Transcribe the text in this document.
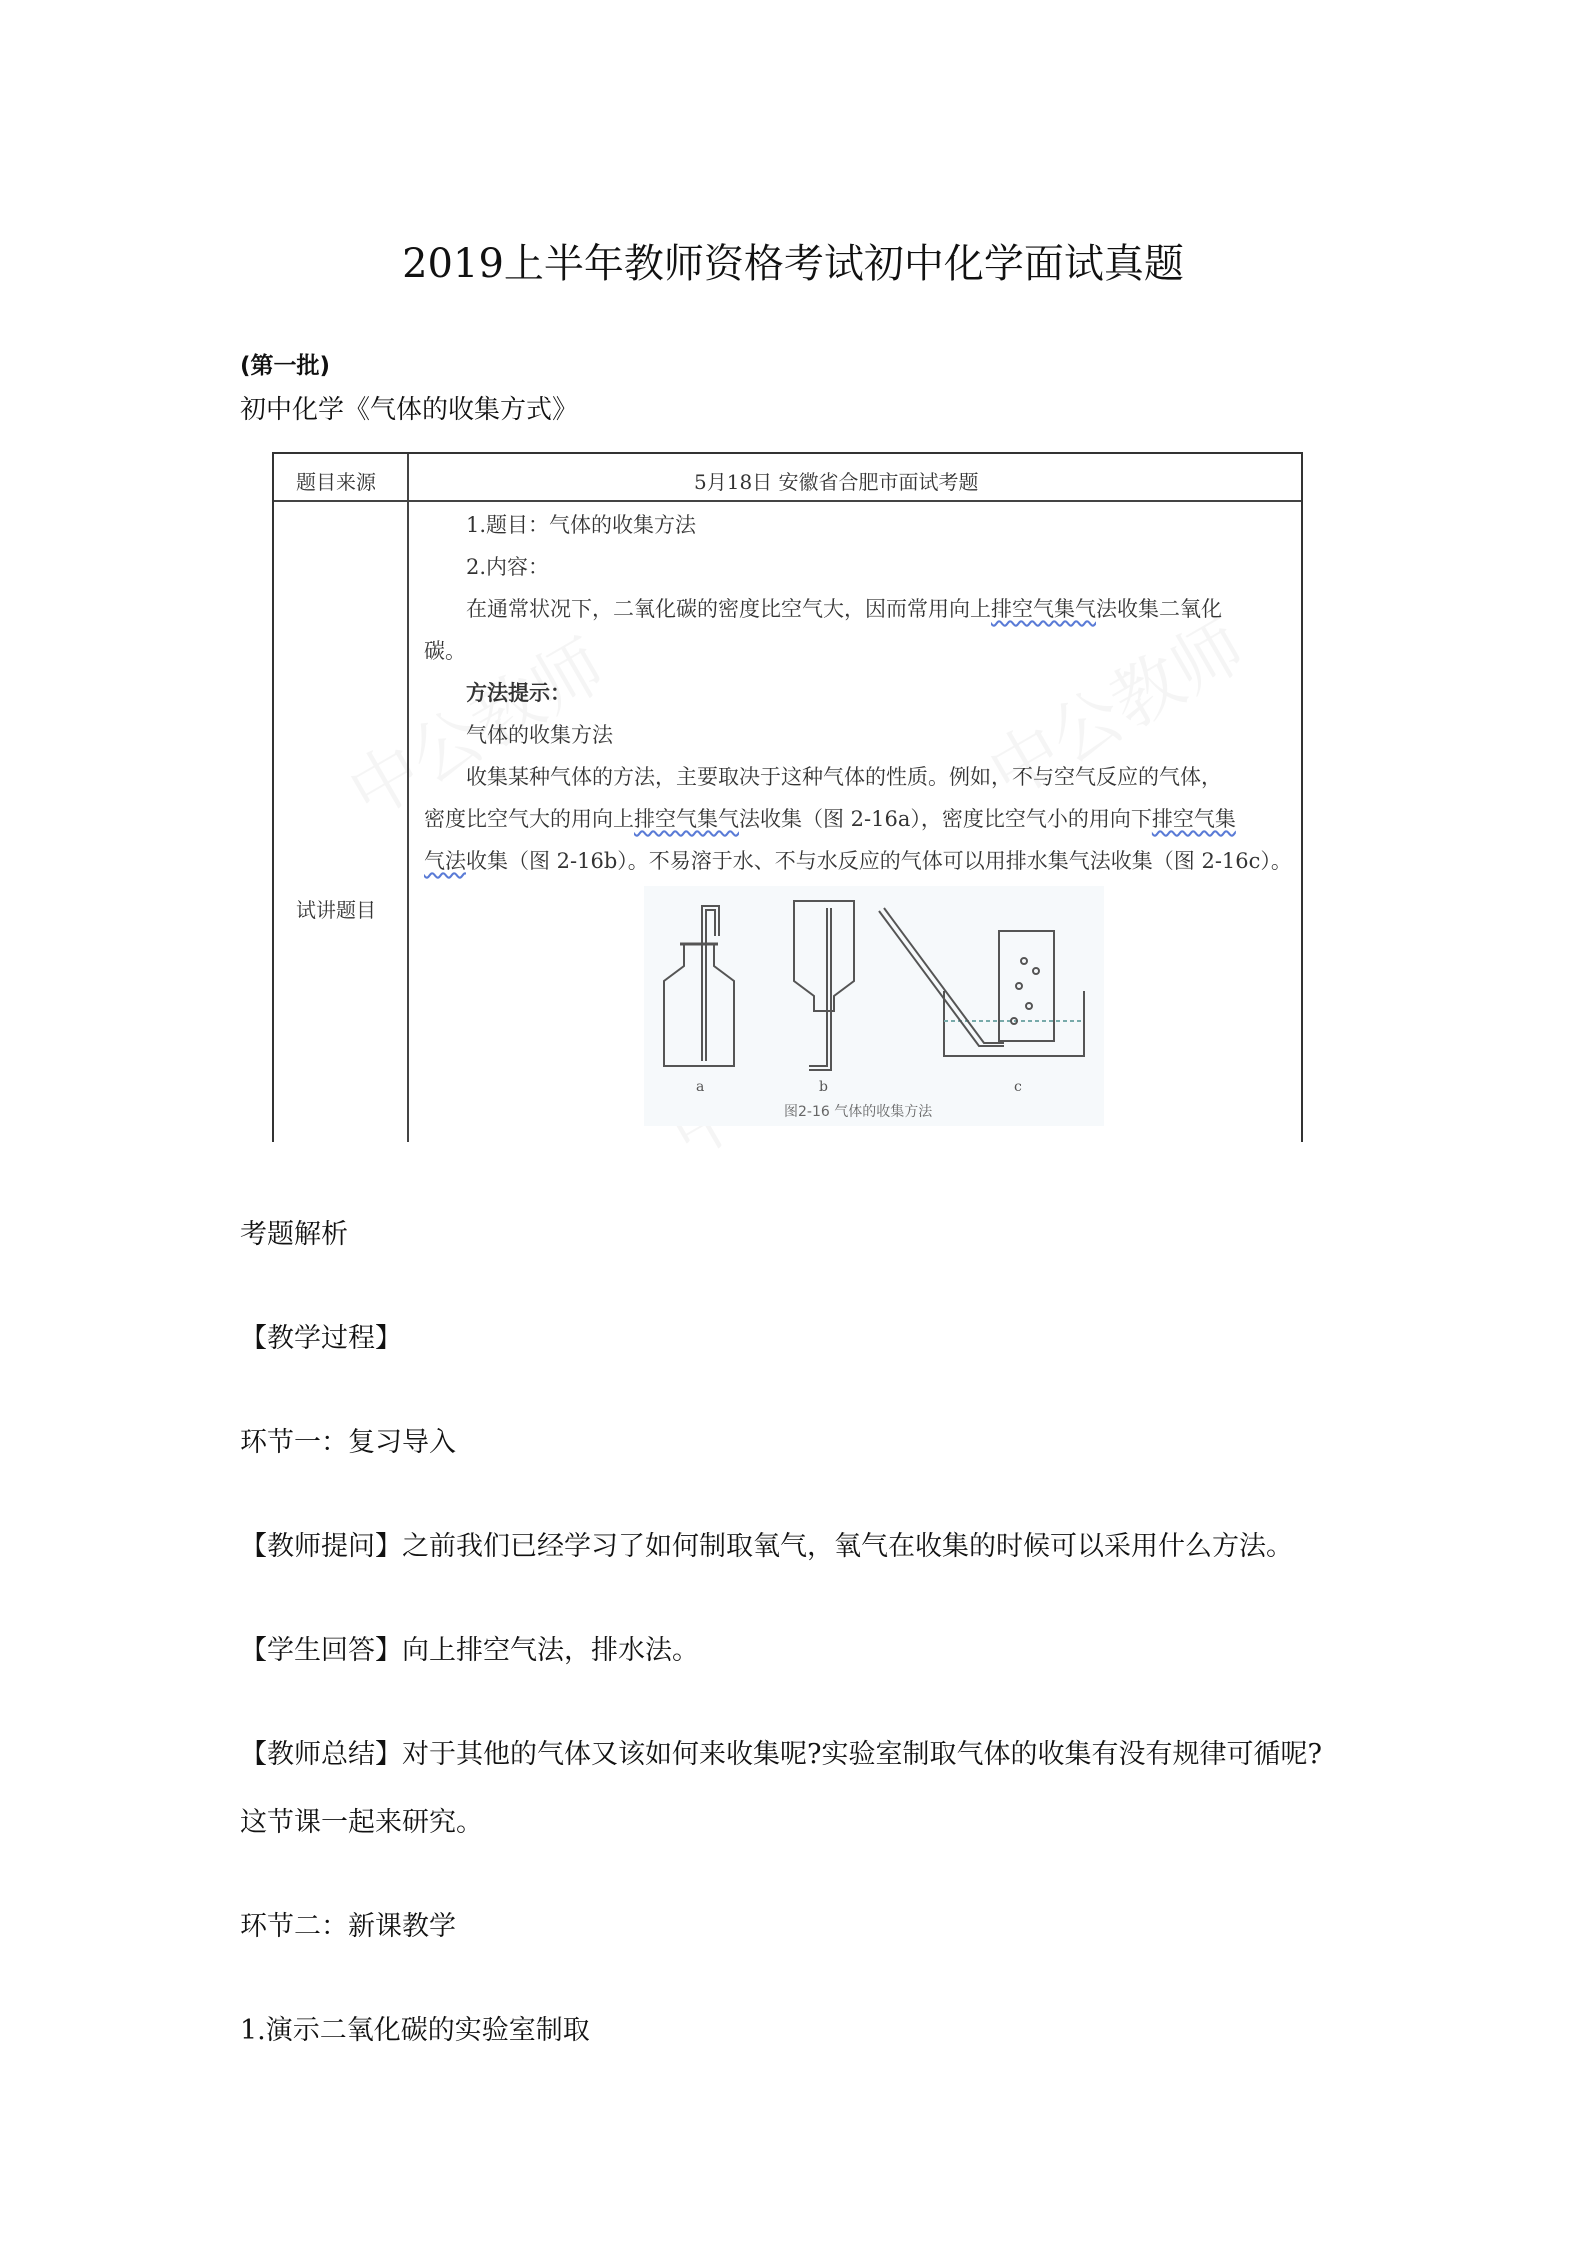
2019上半年教师资格考试初中化学面试真题
(第一批)
初中化学《气体的收集方式》
题目来源	5月18日 安徽省合肥市面试考题
试讲题目
1.题目：气体的收集方法
2.内容：
在通常状况下，二氧化碳的密度比空气大，因而常用向上排空气集气法收集二氧化
碳。
方法提示：
气体的收集方法
收集某种气体的方法，主要取决于这种气体的性质。例如，不与空气反应的气体，
密度比空气大的用向上排空气集气法收集（图 2-16a），密度比空气小的用向下排空气集
气法收集（图 2-16b）。不易溶于水、不与水反应的气体可以用排水集气法收集（图 2-16c）。
a	b	c
图2-16 气体的收集方法
考题解析
【教学过程】
环节一：复习导入
【教师提问】之前我们已经学习了如何制取氧气，氧气在收集的时候可以采用什么方法。
【学生回答】向上排空气法，排水法。
【教师总结】对于其他的气体又该如何来收集呢?实验室制取气体的收集有没有规律可循呢?
这节课一起来研究。
环节二：新课教学
1.演示二氧化碳的实验室制取
